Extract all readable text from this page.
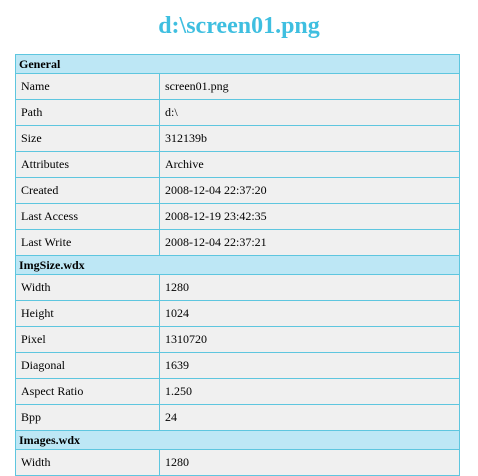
d:\screen01.png
General	
Name	screen01.png
Path	d:\
Size	312139b
Attributes	Archive
Created	2008-12-04 22:37:20
Last Access	2008-12-19 23:42:35
Last Write	2008-12-04 22:37:21
ImgSize.wdx	
Width	1280
Height	1024
Pixel	1310720
Diagonal	1639
Aspect Ratio	1.250
Bpp	24
Images.wdx	
Width	1280
